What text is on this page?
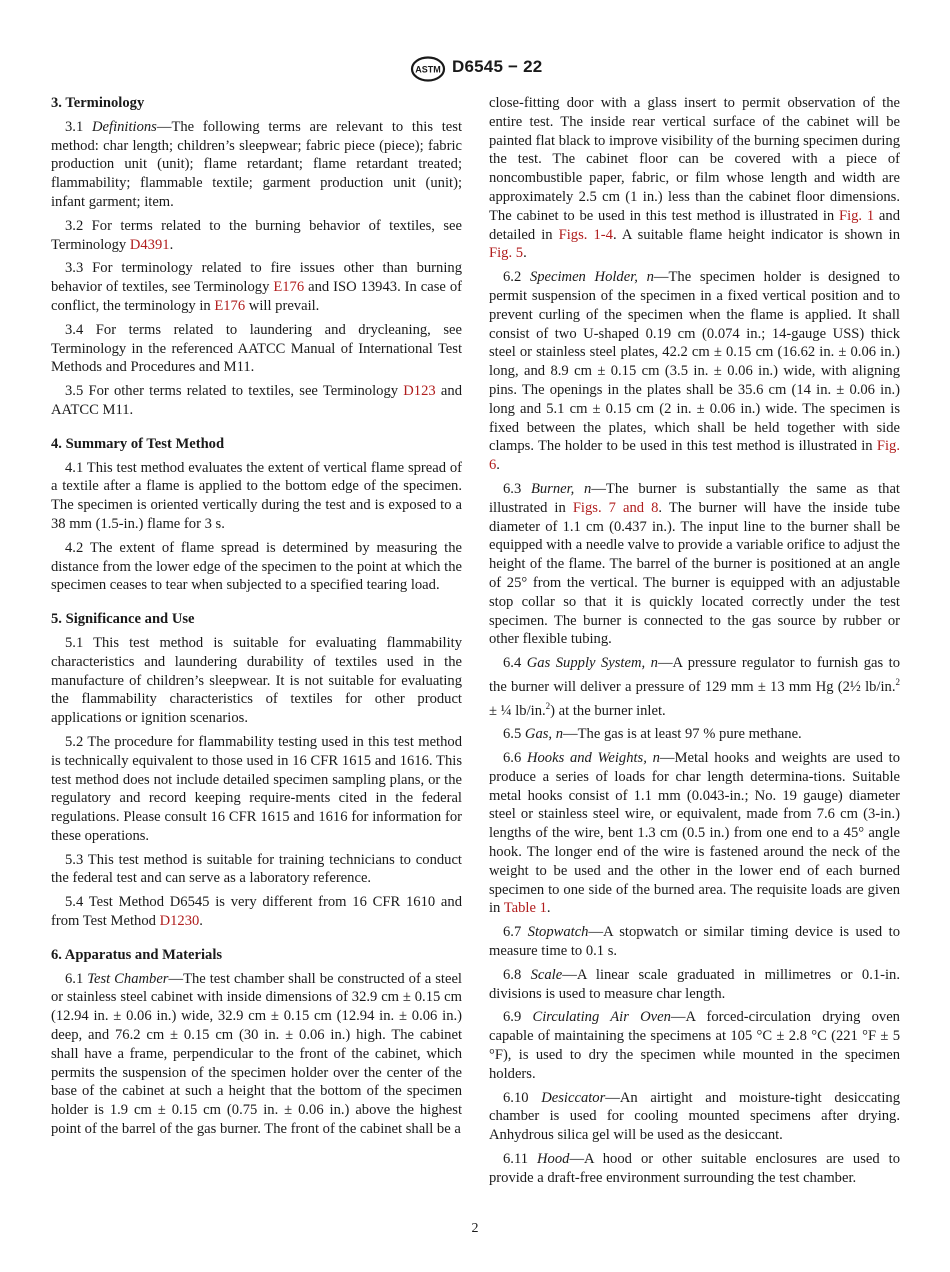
ASTM D6545 − 22
3. Terminology

3.1 Definitions—The following terms are relevant to this test method: char length; children’s sleepwear; fabric piece (piece); fabric production unit (unit); flame retardant; flame retardant treated; flammability; flammable textile; garment production unit (unit); infant garment; item.

3.2 For terms related to the burning behavior of textiles, see Terminology D4391.

3.3 For terminology related to fire issues other than burning behavior of textiles, see Terminology E176 and ISO 13943. In case of conflict, the terminology in E176 will prevail.

3.4 For terms related to laundering and drycleaning, see Terminology in the referenced AATCC Manual of International Test Methods and Procedures and M11.

3.5 For other terms related to textiles, see Terminology D123 and AATCC M11.

4. Summary of Test Method

4.1 This test method evaluates the extent of vertical flame spread of a textile after a flame is applied to the bottom edge of the specimen. The specimen is oriented vertically during the test and is exposed to a 38 mm (1.5-in.) flame for 3 s.

4.2 The extent of flame spread is determined by measuring the distance from the lower edge of the specimen to the point at which the specimen ceases to tear when subjected to a specified tearing load.

5. Significance and Use

5.1 This test method is suitable for evaluating flammability characteristics and laundering durability of textiles used in the manufacture of children’s sleepwear. It is not suitable for evaluating the flammability characteristics of textiles for other product applications or ignition scenarios.

5.2 The procedure for flammability testing used in this test method is technically equivalent to those used in 16 CFR 1615 and 1616. This test method does not include detailed specimen sampling plans, or the regulatory and record keeping require-ments cited in the federal regulations. Please consult 16 CFR 1615 and 1616 for information for these operations.

5.3 This test method is suitable for training technicians to conduct the federal test and can serve as a laboratory reference.

5.4 Test Method D6545 is very different from 16 CFR 1610 and from Test Method D1230.

6. Apparatus and Materials

6.1 Test Chamber—The test chamber shall be constructed of a steel or stainless steel cabinet with inside dimensions of 32.9 cm ± 0.15 cm (12.94 in. ± 0.06 in.) wide, 32.9 cm ± 0.15 cm (12.94 in. ± 0.06 in.) deep, and 76.2 cm ± 0.15 cm (30 in. ± 0.06 in.) high. The cabinet shall have a frame, perpendicular to the front of the cabinet, which permits the suspension of the specimen holder over the center of the base of the cabinet at such a height that the bottom of the specimen holder is 1.9 cm ± 0.15 cm (0.75 in. ± 0.06 in.) above the highest point of the barrel of the gas burner. The front of the cabinet shall be a

close-fitting door with a glass insert to permit observation of the entire test. The inside rear vertical surface of the cabinet will be painted flat black to improve visibility of the burning specimen during the test. The cabinet floor can be covered with a piece of noncombustible paper, fabric, or film whose length and width are approximately 2.5 cm (1 in.) less than the cabinet floor dimensions. The cabinet to be used in this test method is illustrated in Fig. 1 and detailed in Figs. 1-4. A suitable flame height indicator is shown in Fig. 5.

6.2 Specimen Holder, n—The specimen holder is designed to permit suspension of the specimen in a fixed vertical position and to prevent curling of the specimen when the flame is applied. It shall consist of two U-shaped 0.19 cm (0.074 in.; 14-gauge USS) thick steel or stainless steel plates, 42.2 cm ± 0.15 cm (16.62 in. ± 0.06 in.) long, and 8.9 cm ± 0.15 cm (3.5 in. ± 0.06 in.) wide, with aligning pins. The openings in the plates shall be 35.6 cm (14 in. ± 0.06 in.) long and 5.1 cm ± 0.15 cm (2 in. ± 0.06 in.) wide. The specimen is fixed between the plates, which shall be held together with side clamps. The holder to be used in this test method is illustrated in Fig. 6.

6.3 Burner, n—The burner is substantially the same as that illustrated in Figs. 7 and 8. The burner will have the inside tube diameter of 1.1 cm (0.437 in.). The input line to the burner shall be equipped with a needle valve to provide a variable orifice to adjust the height of the flame. The barrel of the burner is positioned at an angle of 25° from the vertical. The burner is equipped with an adjustable stop collar so that it is quickly located correctly under the test specimen. The burner is connected to the gas source by rubber or other flexible tubing.

6.4 Gas Supply System, n—A pressure regulator to furnish gas to the burner will deliver a pressure of 129 mm ± 13 mm Hg (2½ lb/in.$^2$ ± ¼ lb/in.$^2$) at the burner inlet.

6.5 Gas, n—The gas is at least 97 % pure methane.

6.6 Hooks and Weights, n—Metal hooks and weights are used to produce a series of loads for char length determina-tions. Suitable metal hooks consist of 1.1 mm (0.043-in.; No. 19 gauge) diameter steel or stainless steel wire, or equivalent, made from 7.6 cm (3-in.) lengths of the wire, bent 1.3 cm (0.5 in.) from one end to a 45° angle hook. The longer end of the wire is fastened around the neck of the weight to be used and the other in the lower end of each burned specimen to one side of the burned area. The requisite loads are given in Table 1.

6.7 Stopwatch—A stopwatch or similar timing device is used to measure time to 0.1 s.

6.8 Scale—A linear scale graduated in millimetres or 0.1-in. divisions is used to measure char length.

6.9 Circulating Air Oven—A forced-circulation drying oven capable of maintaining the specimens at 105 °C ± 2.8 °C (221 °F ± 5 °F), is used to dry the specimen while mounted in the specimen holders.

6.10 Desiccator—An airtight and moisture-tight desiccating chamber is used for cooling mounted specimens after drying. Anhydrous silica gel will be used as the desiccant.

6.11 Hood—A hood or other suitable enclosures are used to provide a draft-free environment surrounding the test chamber.

2
